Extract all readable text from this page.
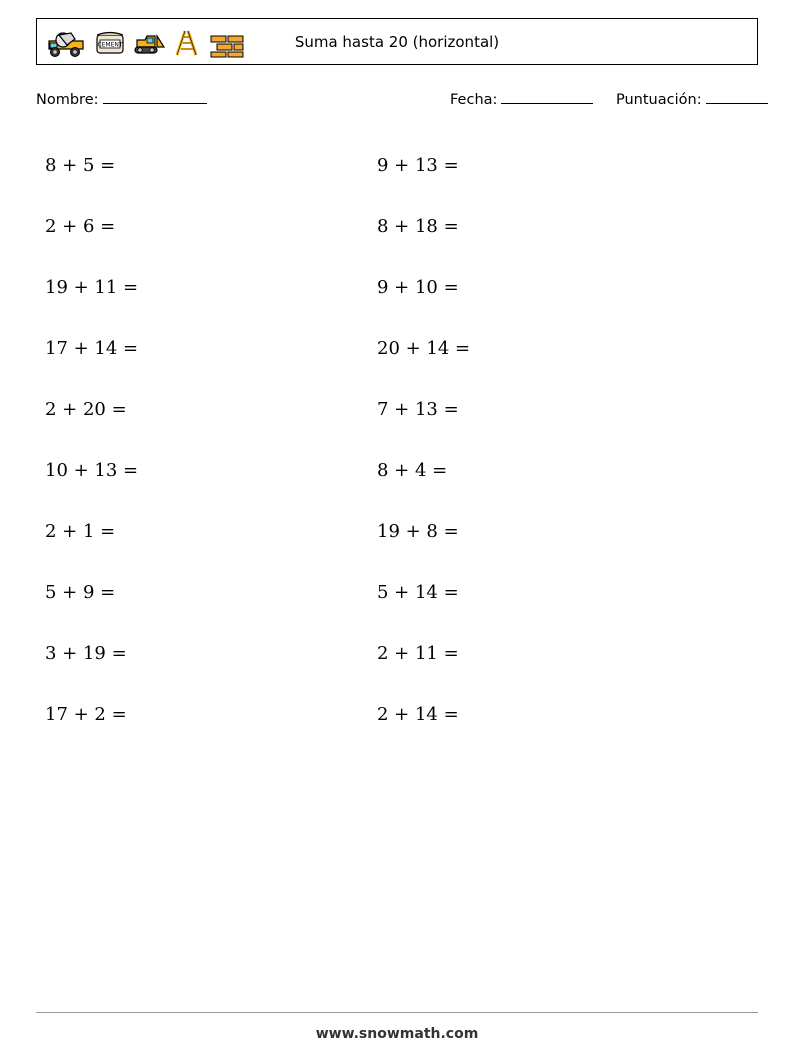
CEMENT	Suma hasta 20 (horizontal)
Nombre:	Fecha:	Puntuación:
8 + 5 =
2 + 6 =
19 + 11 =
17 + 14 =
2 + 20 =
10 + 13 =
2 + 1 =
5 + 9 =
3 + 19 =
17 + 2 =
9 + 13 =
8 + 18 =
9 + 10 =
20 + 14 =
7 + 13 =
8 + 4 =
19 + 8 =
5 + 14 =
2 + 11 =
2 + 14 =
www.snowmath.com
